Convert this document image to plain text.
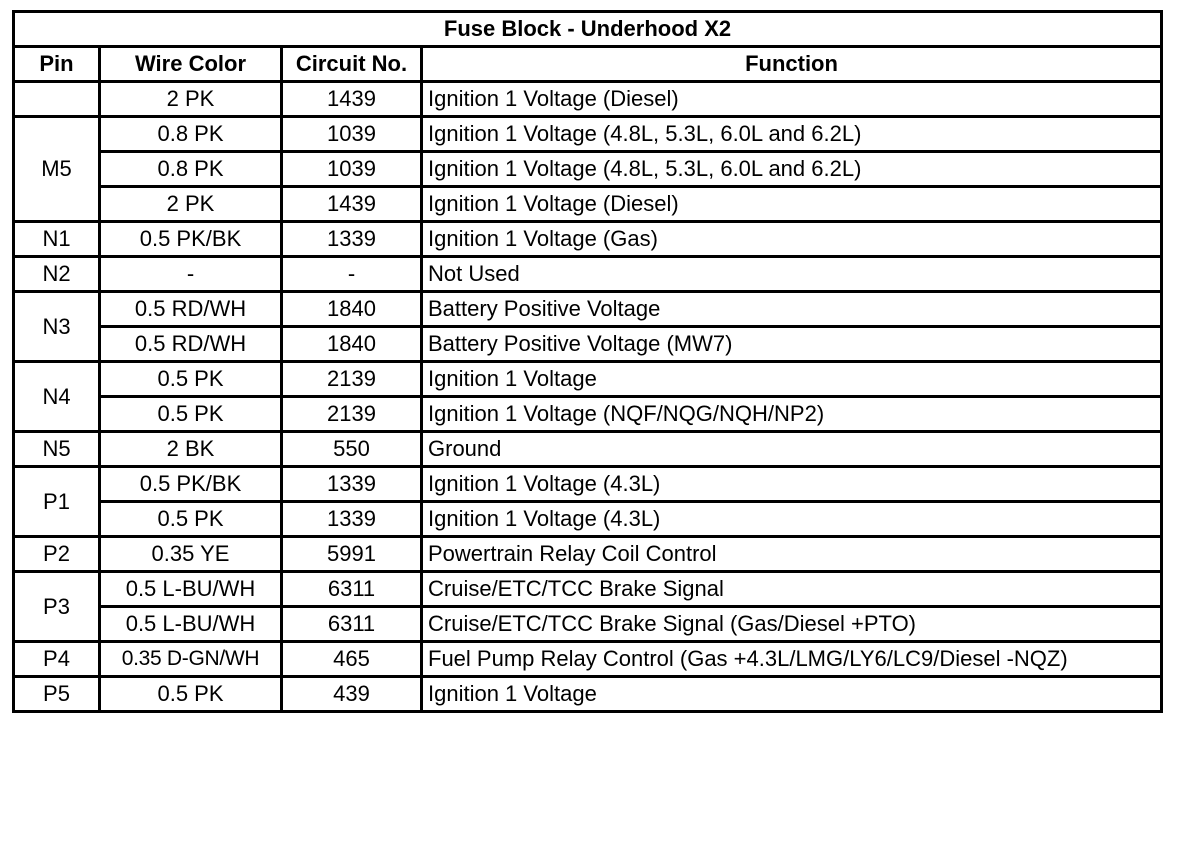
Fuse Block - Underhood X2			
Pin	Wire Color	Circuit No.	Function
	2 PK	1439	Ignition 1 Voltage (Diesel)
M5	0.8 PK	1039	Ignition 1 Voltage (4.8L, 5.3L, 6.0L and 6.2L)
	0.8 PK	1039	Ignition 1 Voltage (4.8L, 5.3L, 6.0L and 6.2L)
	2 PK	1439	Ignition 1 Voltage (Diesel)
N1	0.5 PK/BK	1339	Ignition 1 Voltage (Gas)
N2	-	-	Not Used
N3	0.5 RD/WH	1840	Battery Positive Voltage
	0.5 RD/WH	1840	Battery Positive Voltage (MW7)
N4	0.5 PK	2139	Ignition 1 Voltage
	0.5 PK	2139	Ignition 1 Voltage (NQF/NQG/NQH/NP2)
N5	2 BK	550	Ground
P1	0.5 PK/BK	1339	Ignition 1 Voltage (4.3L)
	0.5 PK	1339	Ignition 1 Voltage (4.3L)
P2	0.35 YE	5991	Powertrain Relay Coil Control
P3	0.5 L-BU/WH	6311	Cruise/ETC/TCC Brake Signal
	0.5 L-BU/WH	6311	Cruise/ETC/TCC Brake Signal (Gas/Diesel +PTO)
P4	0.35 D-GN/WH	465	Fuel Pump Relay Control (Gas +4.3L/LMG/LY6/LC9/Diesel -NQZ)
P5	0.5 PK	439	Ignition 1 Voltage
